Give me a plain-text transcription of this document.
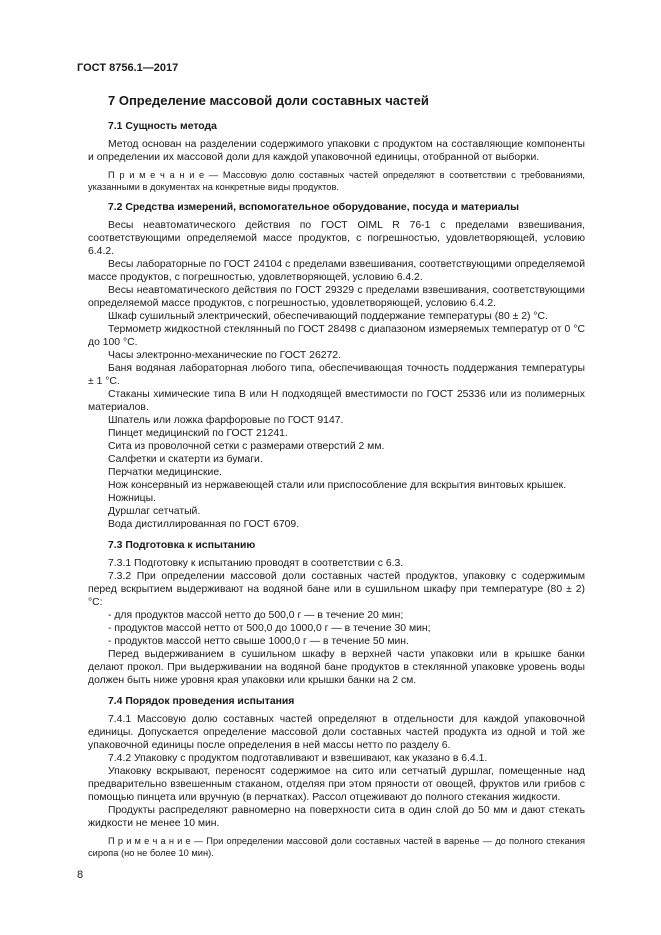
ГОСТ 8756.1—2017
7 Определение массовой доли составных частей
7.1 Сущность метода

Метод основан на разделении содержимого упаковки с продуктом на составляющие компоненты и определении их массовой доли для каждой упаковочной единицы, отобранной от выборки.

П р и м е ч а н и е — Массовую долю составных частей определяют в соответствии с требованиями, указанными в документах на конкретные виды продуктов.

7.2 Средства измерений, вспомогательное оборудование, посуда и материалы

Весы неавтоматического действия по ГОСТ OIML R 76-1 с пределами взвешивания, соответствующими определяемой массе продуктов, с погрешностью, удовлетворяющей, условию 6.4.2.

Весы лабораторные по ГОСТ 24104 с пределами взвешивания, соответствующими определяемой массе продуктов, с погрешностью, удовлетворяющей, условию 6.4.2.

Весы неавтоматического действия по ГОСТ 29329 с пределами взвешивания, соответствующими определяемой массе продуктов, с погрешностью, удовлетворяющей, условию 6.4.2.

Шкаф сушильный электрический, обеспечивающий поддержание температуры (80 ± 2) °С.

Термометр жидкостной стеклянный по ГОСТ 28498 с диапазоном измеряемых температур от 0 °С до 100 °С.

Часы электронно-механические по ГОСТ 26272.

Баня водяная лабораторная любого типа, обеспечивающая точность поддержания температуры ± 1 °С.

Стаканы химические типа В или Н подходящей вместимости по ГОСТ 25336 или из полимерных материалов.

Шпатель или ложка фарфоровые по ГОСТ 9147.

Пинцет медицинский по ГОСТ 21241.

Сита из проволочной сетки с размерами отверстий 2 мм.

Салфетки и скатерти из бумаги.

Перчатки медицинские.

Нож консервный из нержавеющей стали или приспособление для вскрытия винтовых крышек.

Ножницы.

Дуршлаг сетчатый.

Вода дистиллированная по ГОСТ 6709.

7.3 Подготовка к испытанию

7.3.1 Подготовку к испытанию проводят в соответствии с 6.3.

7.3.2 При определении массовой доли составных частей продуктов, упаковку с содержимым перед вскрытием выдерживают на водяной бане или в сушильном шкафу при температуре (80 ± 2) °С:

- для продуктов массой нетто до 500,0 г — в течение 20 мин;

- продуктов массой нетто от 500,0 до 1000,0 г — в течение 30 мин;

- продуктов массой нетто свыше 1000,0 г — в течение 50 мин.

Перед выдерживанием в сушильном шкафу в верхней части упаковки или в крышке банки делают прокол. При выдерживании на водяной бане продуктов в стеклянной упаковке уровень воды должен быть ниже уровня края упаковки или крышки банки на 2 см.

7.4 Порядок проведения испытания

7.4.1 Массовую долю составных частей определяют в отдельности для каждой упаковочной единицы. Допускается определение массовой доли составных частей продукта из одной и той же упаковочной единицы после определения в ней массы нетто по разделу 6.

7.4.2 Упаковку с продуктом подготавливают и взвешивают, как указано в 6.4.1.

Упаковку вскрывают, переносят содержимое на сито или сетчатый дуршлаг, помещенные над предварительно взвешенным стаканом, отделяя при этом пряности от овощей, фруктов или грибов с помощью пинцета или вручную (в перчатках). Рассол отцеживают до полного стекания жидкости.

Продукты распределяют равномерно на поверхности сита в один слой до 50 мм и дают стекать жидкости не менее 10 мин.

П р и м е ч а н и е — При определении массовой доли составных частей в варенье — до полного стекания сиропа (но не более 10 мин).

8
